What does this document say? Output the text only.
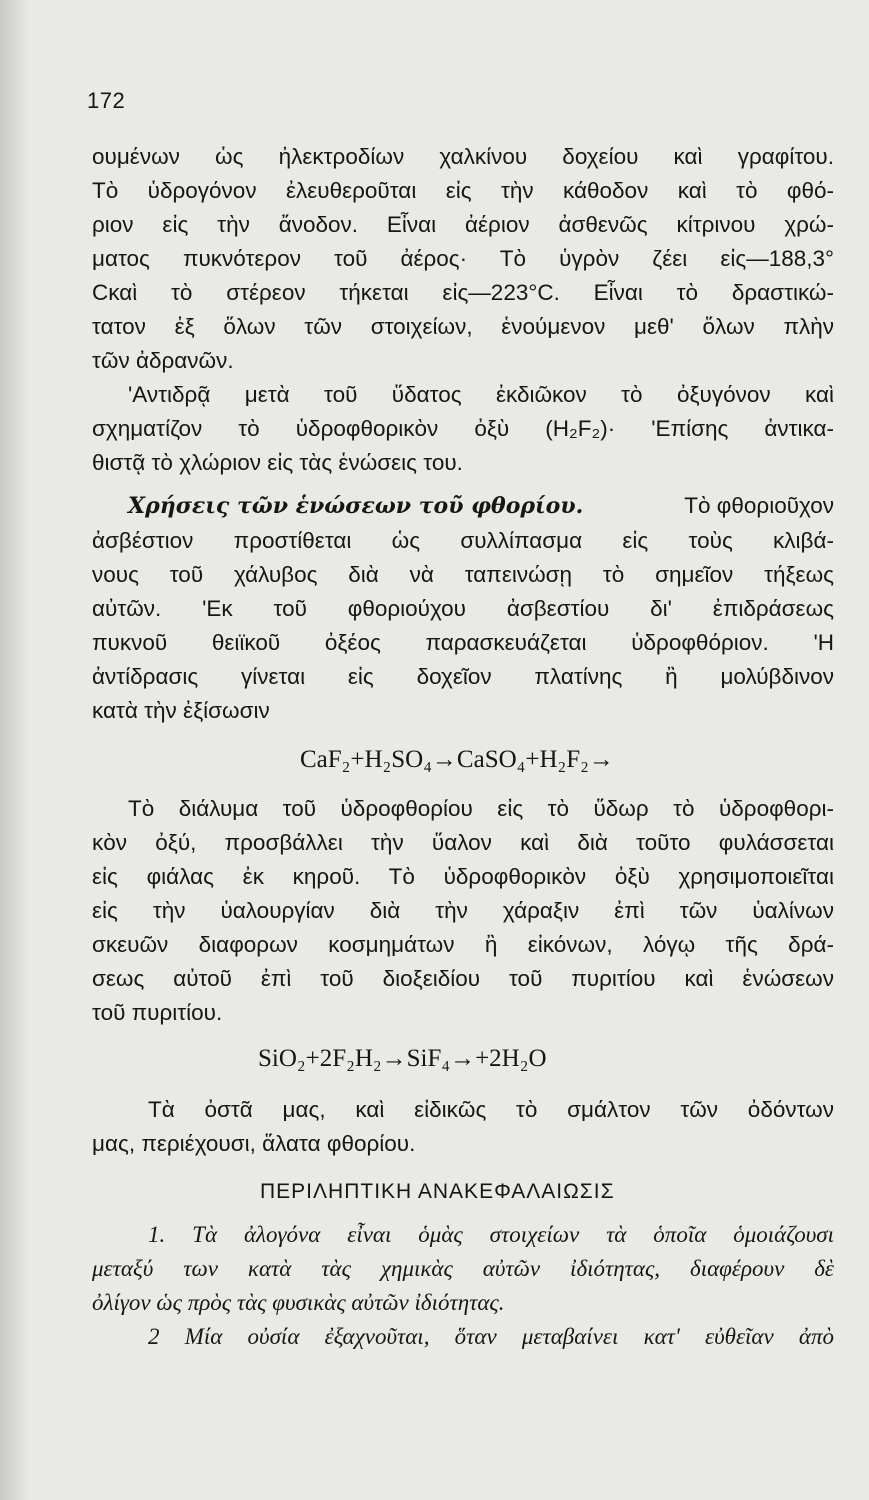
172
ουμένων ὡς ἠλεκτροδίων χαλκίνου δοχείου καὶ γραφίτου.
Τὸ ὑδρογόνον ἐλευθεροῦται εἰς τὴν κάθοδον καὶ τὸ φθό-
ριον εἰς τὴν ἄνοδον. Εἶναι ἀέριον ἀσθενῶς κίτρινου χρώ-
ματος πυκνότερον τοῦ ἀέρος· Τὸ ὑγρὸν ζέει εἰς—188,3°
Cκαὶ τὸ στέρεον τήκεται εἰς—223°C. Εἶναι τὸ δραστικώ-
τατον ἐξ ὅλων τῶν στοιχείων, ἑνούμενον μεθ' ὅλων πλὴν
τῶν ἀδρανῶν.
'Αντιδρᾷ μετὰ τοῦ ὕδατος ἐκδιῶκον τὸ ὀξυγόνον καὶ
σχηματίζον τὸ ὑδροφθορικὸν ὀξὺ (H₂F₂)· 'Επίσης ἀντικα-
θιστᾷ τὸ χλώριον εἰς τὰς ἑνώσεις του.
Χρήσεις τῶν ἑνώσεων τοῦ φθορίου.	Τὸ φθοριοῦχον
ἀσβέστιον προστίθεται ὡς συλλίπασμα εἰς τοὺς κλιβά-
νους τοῦ χάλυβος διὰ νὰ ταπεινώσῃ τὸ σημεῖον τήξεως
αὐτῶν. 'Εκ τοῦ φθοριούχου ἀσβεστίου δι' ἐπιδράσεως
πυκνοῦ θειϊκοῦ ὀξέος παρασκευάζεται ὑδροφθόριον. 'Η
ἀντίδρασις γίνεται εἰς δοχεῖον πλατίνης ἢ μολύβδινον
κατὰ τὴν ἐξίσωσιν
CaF₂+H₂SO₄→CaSO₄+H₂F₂→
Τὸ διάλυμα τοῦ ὑδροφθορίου εἰς τὸ ὕδωρ τὸ ὑδροφθορι-
κὸν ὀξύ, προσβάλλει τὴν ὕαλον καὶ διὰ τοῦτο φυλάσσεται
εἰς φιάλας ἐκ κηροῦ. Τὸ ὑδροφθορικὸν ὀξὺ χρησιμοποιεῖται
εἰς τὴν ὑαλουργίαν διὰ τὴν χάραξιν ἐπὶ τῶν ὑαλίνων
σκευῶν διαφορων κοσμημάτων ἢ εἰκόνων, λόγῳ τῆς δρά-
σεως αὐτοῦ ἐπὶ τοῦ διοξειδίου τοῦ πυριτίου καὶ ἑνώσεων
τοῦ πυριτίου.
SiO₂+2F₂H₂→SiF₄→+2H₂O
Τὰ ὀστᾶ μας, καὶ εἰδικῶς τὸ σμάλτον τῶν ὀδόντων
μας, περιέχουσι, ἅλατα φθορίου.
ΠΕΡΙΛΗΠΤΙΚΗ ΑΝΑΚΕΦΑΛΑΙΩΣΙΣ
1. Τὰ ἀλογόνα εἶναι ὁμὰς στοιχείων τὰ ὁποῖα ὁμοιάζουσι
μεταξύ των κατὰ τὰς χημικὰς αὐτῶν ἰδιότητας, διαφέρουν δὲ
ὀλίγον ὡς πρὸς τὰς φυσικὰς αὐτῶν ἰδιότητας.
2 Μία οὐσία ἐξαχνοῦται, ὅταν μεταβαίνει κατ' εὐθεῖαν ἀπὸ
